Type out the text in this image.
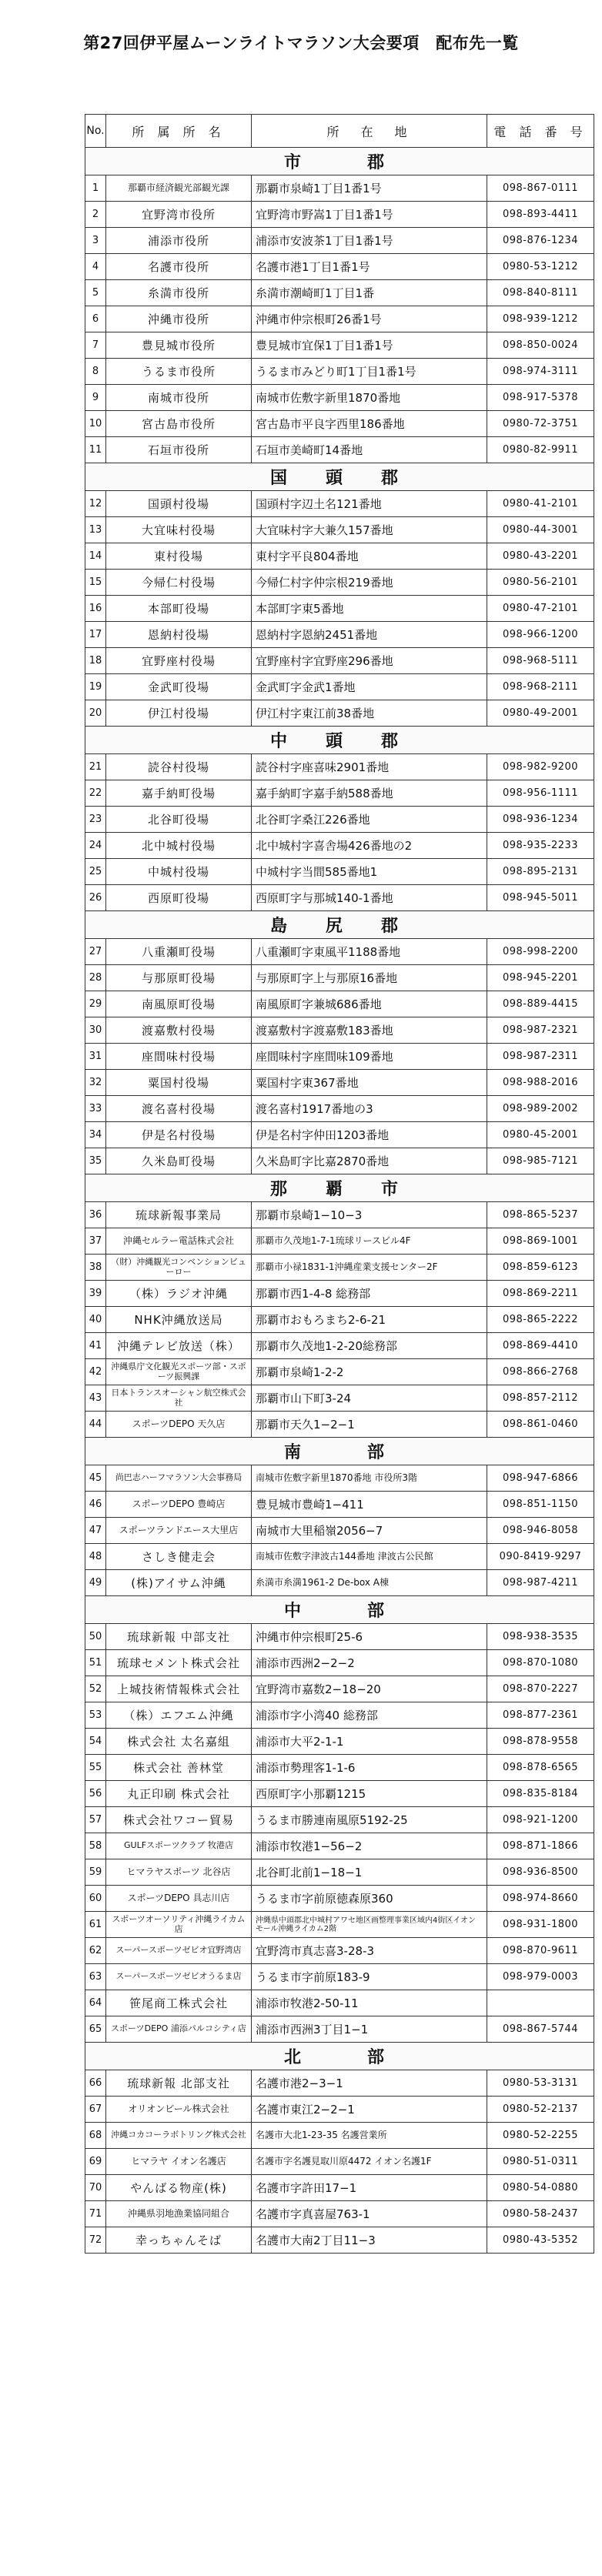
第27回伊平屋ムーンライトマラソン大会要項　配布先一覧
No.	所 属 所 名	所　在　地	電 話 番 号
市　　郡			
1	那覇市経済観光部観光課	那覇市泉崎1丁目1番1号	098-867-0111
2	宜野湾市役所	宜野湾市野嵩1丁目1番1号	098-893-4411
3	浦添市役所	浦添市安波茶1丁目1番1号	098-876-1234
4	名護市役所	名護市港1丁目1番1号	0980-53-1212
5	糸満市役所	糸満市潮崎町1丁目1番	098-840-8111
6	沖縄市役所	沖縄市仲宗根町26番1号	098-939-1212
7	豊見城市役所	豊見城市宜保1丁目1番1号	098-850-0024
8	うるま市役所	うるま市みどり町1丁目1番1号	098-974-3111
9	南城市役所	南城市佐敷字新里1870番地	098-917-5378
10	宮古島市役所	宮古島市平良字西里186番地	0980-72-3751
11	石垣市役所	石垣市美崎町14番地	0980-82-9911
国　頭　郡			
12	国頭村役場	国頭村字辺土名121番地	0980-41-2101
13	大宜味村役場	大宜味村字大兼久157番地	0980-44-3001
14	東村役場	東村字平良804番地	0980-43-2201
15	今帰仁村役場	今帰仁村字仲宗根219番地	0980-56-2101
16	本部町役場	本部町字東5番地	0980-47-2101
17	恩納村役場	恩納村字恩納2451番地	098-966-1200
18	宜野座村役場	宜野座村字宜野座296番地	098-968-5111
19	金武町役場	金武町字金武1番地	098-968-2111
20	伊江村役場	伊江村字東江前38番地	0980-49-2001
中　頭　郡			
21	読谷村役場	読谷村字座喜味2901番地	098-982-9200
22	嘉手納町役場	嘉手納町字嘉手納588番地	098-956-1111
23	北谷町役場	北谷町字桑江226番地	098-936-1234
24	北中城村役場	北中城村字喜舎場426番地の2	098-935-2233
25	中城村役場	中城村字当間585番地1	098-895-2131
26	西原町役場	西原町字与那城140-1番地	098-945-5011
島　尻　郡			
27	八重瀬町役場	八重瀬町字東風平1188番地	098-998-2200
28	与那原町役場	与那原町字上与那原16番地	098-945-2201
29	南風原町役場	南風原町字兼城686番地	098-889-4415
30	渡嘉敷村役場	渡嘉敷村字渡嘉敷183番地	098-987-2321
31	座間味村役場	座間味村字座間味109番地	098-987-2311
32	粟国村役場	粟国村字東367番地	098-988-2016
33	渡名喜村役場	渡名喜村1917番地の3	098-989-2002
34	伊是名村役場	伊是名村字仲田1203番地	0980-45-2001
35	久米島町役場	久米島町字比嘉2870番地	098-985-7121
那　覇　市			
36	琉球新報事業局	那覇市泉崎1−10−3	098-865-5237
37	沖縄セルラー電話株式会社	那覇市久茂地1-7-1琉球リースビル4F	098-869-1001
38	（財）沖縄観光コンベンションビューロー	那覇市小禄1831-1沖縄産業支援センター2F	098-859-6123
39	（株）ラジオ沖縄	那覇市西1-4-8 総務部	098-869-2211
40	NHK沖縄放送局	那覇市おもろまち2-6-21	098-865-2222
41	沖縄テレビ放送（株）	那覇市久茂地1-2-20総務部	098-869-4410
42	沖縄県庁文化観光スポーツ部・スポーツ振興課	那覇市泉崎1-2-2	098-866-2768
43	日本トランスオーシャン航空株式会社	那覇市山下町3-24	098-857-2112
44	スポーツDEPO 天久店	那覇市天久1−2−1	098-861-0460
南　　部			
45	尚巴志ハーフマラソン大会事務局	南城市佐敷字新里1870番地 市役所3階	098-947-6866
46	スポーツDEPO 豊崎店	豊見城市豊崎1−411	098-851-1150
47	スポーツランドエース大里店	南城市大里稲嶺2056−7	098-946-8058
48	さしき健走会	南城市佐敷字津波古144番地 津波古公民館	090-8419-9297
49	(株)アイサム沖縄	糸満市糸満1961-2 De-box A棟	098-987-4211
中　　部			
50	琉球新報 中部支社	沖縄市仲宗根町25-6	098-938-3535
51	琉球セメント株式会社	浦添市西洲2−2−2	098-870-1080
52	上城技術情報株式会社	宜野湾市嘉数2−18−20	098-870-2227
53	（株）エフエム沖縄	浦添市字小湾40 総務部	098-877-2361
54	株式会社 太名嘉組	浦添市大平2-1-1	098-878-9558
55	株式会社 善林堂	浦添市勢理客1-1-6	098-878-6565
56	丸正印刷 株式会社	西原町字小那覇1215	098-835-8184
57	株式会社ワコー貿易	うるま市勝連南風原5192-25	098-921-1200
58	GULFスポーツクラブ 牧港店	浦添市牧港1−56−2	098-871-1866
59	ヒマラヤスポーツ 北谷店	北谷町北前1−18−1	098-936-8500
60	スポーツDEPO 具志川店	うるま市字前原徳森原360	098-974-8660
61	スポーツオーソリティ沖縄ライカム店	沖縄県中頭郡北中城村アワセ地区画整理事業区域内4街区イオンモール沖縄ライカム2階	098-931-1800
62	スーパースポーツゼビオ宜野湾店	宜野湾市真志喜3-28-3	098-870-9611
63	スーパースポーツゼビオうるま店	うるま市字前原183-9	098-979-0003
64	笹尾商工株式会社	浦添市牧港2-50-11	
65	スポーツDEPO 浦添パルコシティ店	浦添市西洲3丁目1−1	098-867-5744
北　　部			
66	琉球新報 北部支社	名護市港2−3−1	0980-53-3131
67	オリオンビール株式会社	名護市東江2−2−1	0980-52-2137
68	沖縄コカコーラボトリング株式会社	名護市大北1-23-35 名護営業所	0980-52-2255
69	ヒマラヤ イオン名護店	名護市字名護見取川原4472 イオン名護1F	0980-51-0311
70	やんばる物産(株)	名護市字許田17−1	0980-54-0880
71	沖縄県羽地漁業協同組合	名護市字真喜屋763-1	0980-58-2437
72	幸っちゃんそば	名護市大南2丁目11−3	0980-43-5352
